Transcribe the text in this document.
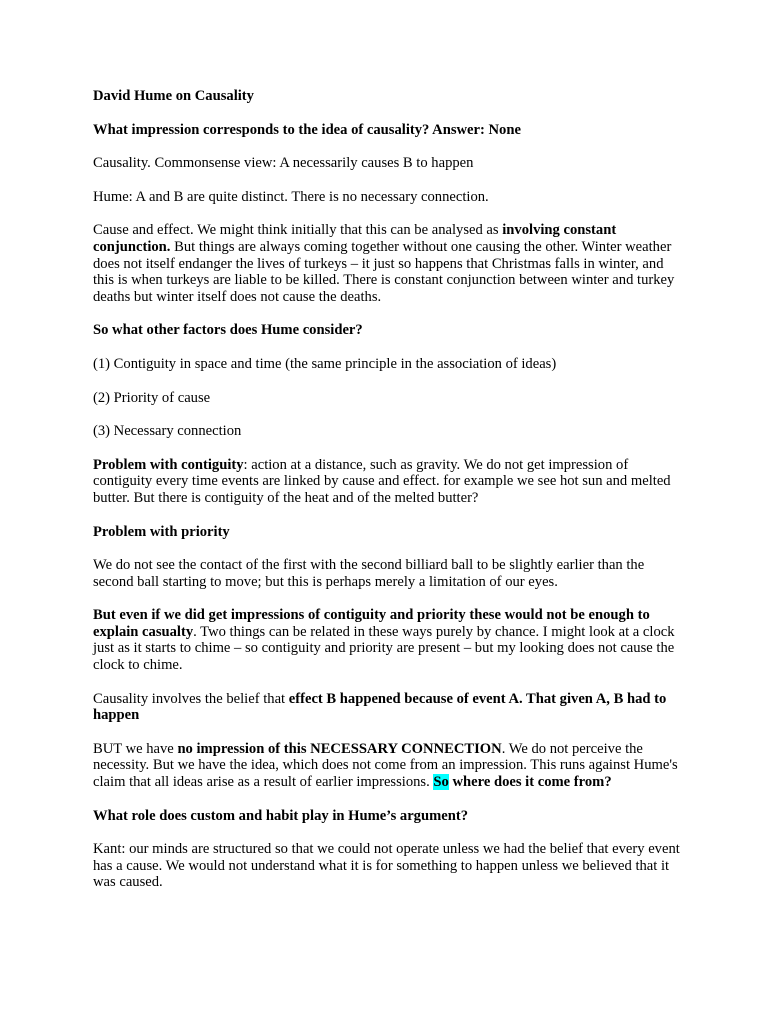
David Hume on Causality

What impression corresponds to the idea of causality? Answer: None

Causality. Commonsense view: A necessarily causes B to happen

Hume: A and B are quite distinct. There is no necessary connection.

Cause and effect. We might think initially that this can be analysed as involving constant conjunction. But things are always coming together without one causing the other. Winter weather does not itself endanger the lives of turkeys – it just so happens that Christmas falls in winter, and this is when turkeys are liable to be killed. There is constant conjunction between winter and turkey deaths but winter itself does not cause the deaths.

So what other factors does Hume consider?

(1) Contiguity in space and time (the same principle in the association of ideas)

(2) Priority of cause

(3) Necessary connection

Problem with contiguity: action at a distance, such as gravity. We do not get impression of contiguity every time events are linked by cause and effect. for example we see hot sun and melted butter. But there is contiguity of the heat and of the melted butter?

Problem with priority

We do not see the contact of the first with the second billiard ball to be slightly earlier than the second ball starting to move; but this is perhaps merely a limitation of our eyes.

But even if we did get impressions of contiguity and priority these would not be enough to explain casualty. Two things can be related in these ways purely by chance. I might look at a clock just as it starts to chime – so contiguity and priority are present – but my looking does not cause the clock to chime.

Causality involves the belief that effect B happened because of event A. That given A, B had to happen

BUT we have no impression of this NECESSARY CONNECTION. We do not perceive the necessity. But we have the idea, which does not come from an impression. This runs against Hume's claim that all ideas arise as a result of earlier impressions. So where does it come from?

What role does custom and habit play in Hume’s argument?

Kant: our minds are structured so that we could not operate unless we had the belief that every event has a cause. We would not understand what it is for something to happen unless we believed that it was caused.
